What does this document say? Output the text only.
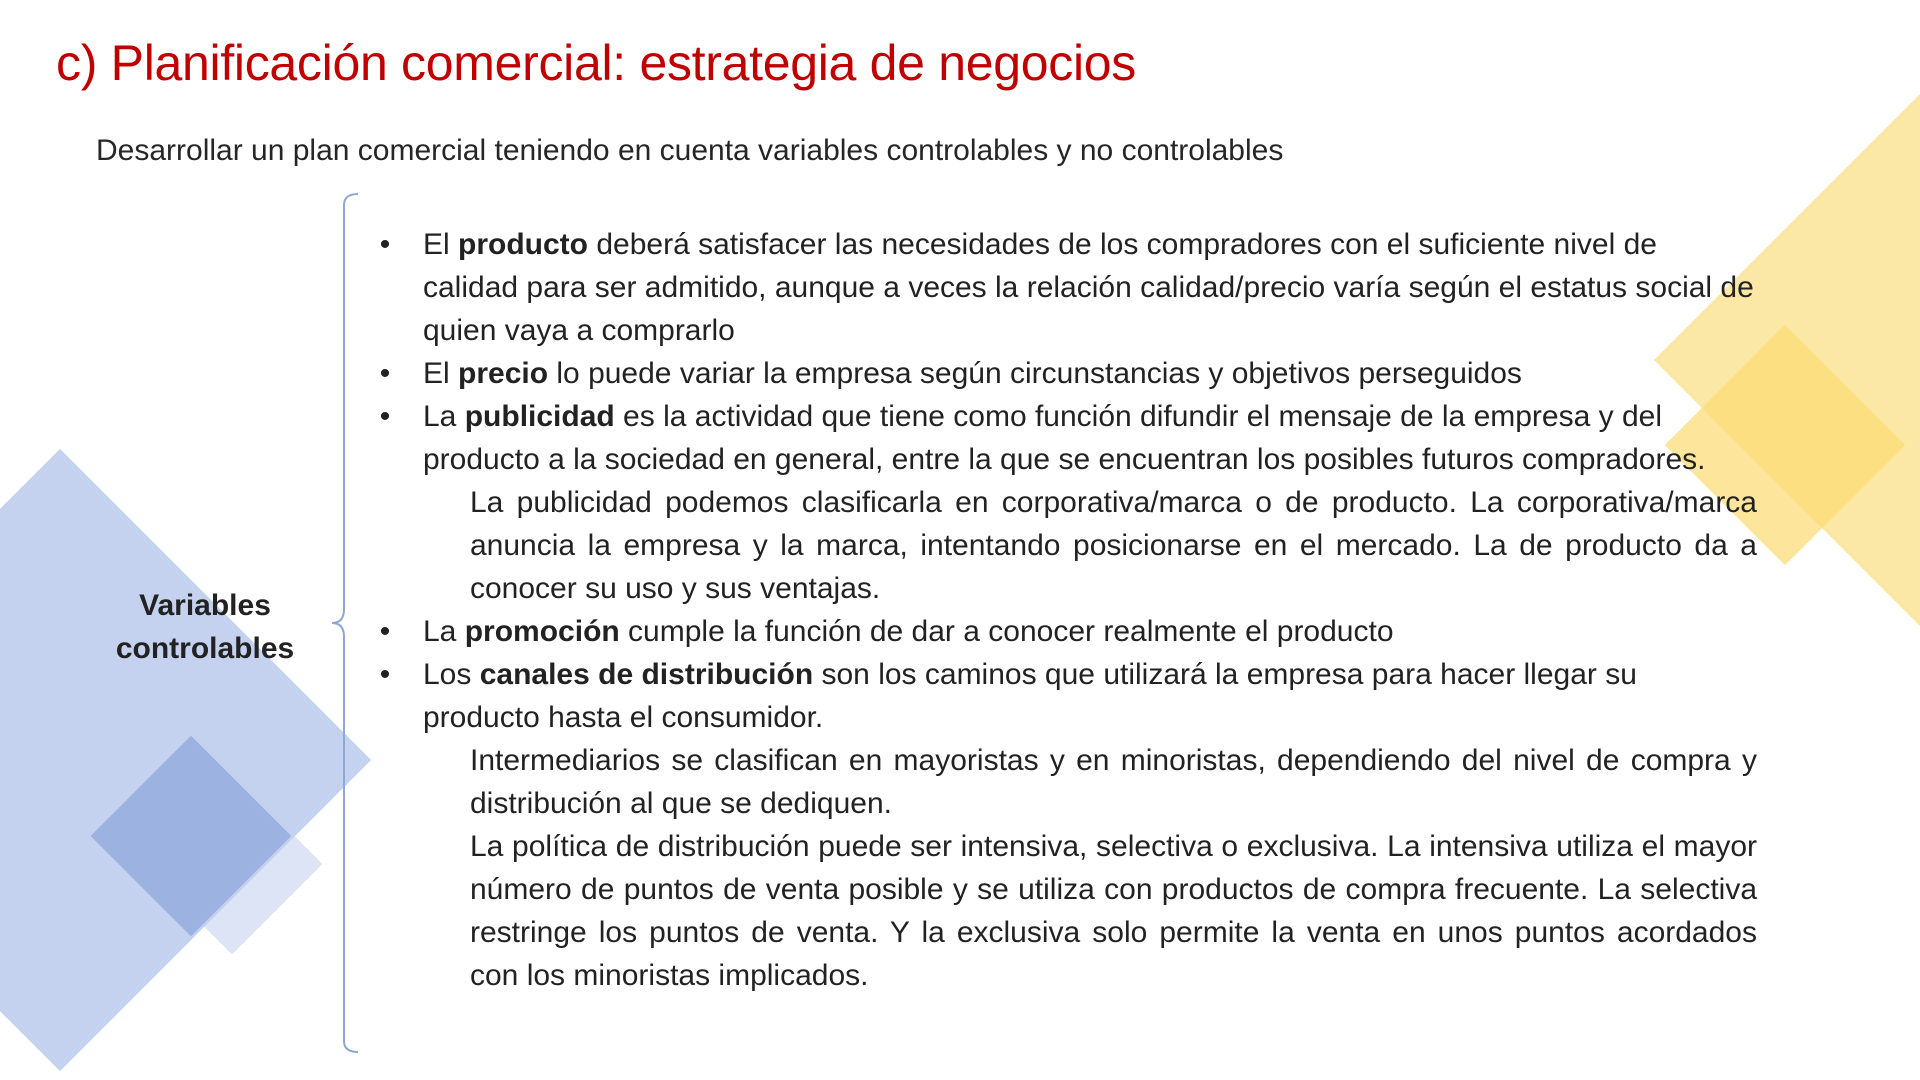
c) Planificación comercial: estrategia de negocios
Desarrollar un plan comercial teniendo en cuenta variables controlables y no controlables
Variables
controlables
• El producto deberá satisfacer las necesidades de los compradores con el suficiente nivel de calidad para ser admitido, aunque a veces la relación calidad/precio varía según el estatus social de quien vaya a comprarlo
• El precio lo puede variar la empresa según circunstancias y objetivos perseguidos
• La publicidad es la actividad que tiene como función difundir el mensaje de la empresa y del producto a la sociedad en general, entre la que se encuentran los posibles futuros compradores.
La publicidad podemos clasificarla en corporativa/marca o de producto. La corporativa/marca anuncia la empresa y la marca, intentando posicionarse en el mercado. La de producto da a conocer su uso y sus ventajas.
• La promoción cumple la función de dar a conocer realmente el producto
• Los canales de distribución son los caminos que utilizará la empresa para hacer llegar su producto hasta el consumidor.
Intermediarios se clasifican en mayoristas y en minoristas, dependiendo del nivel de compra y distribución al que se dediquen.
La política de distribución puede ser intensiva, selectiva o exclusiva. La intensiva utiliza el mayor número de puntos de venta posible y se utiliza con productos de compra frecuente. La selectiva restringe los puntos de venta. Y la exclusiva solo permite la venta en unos puntos acordados con los minoristas implicados.
